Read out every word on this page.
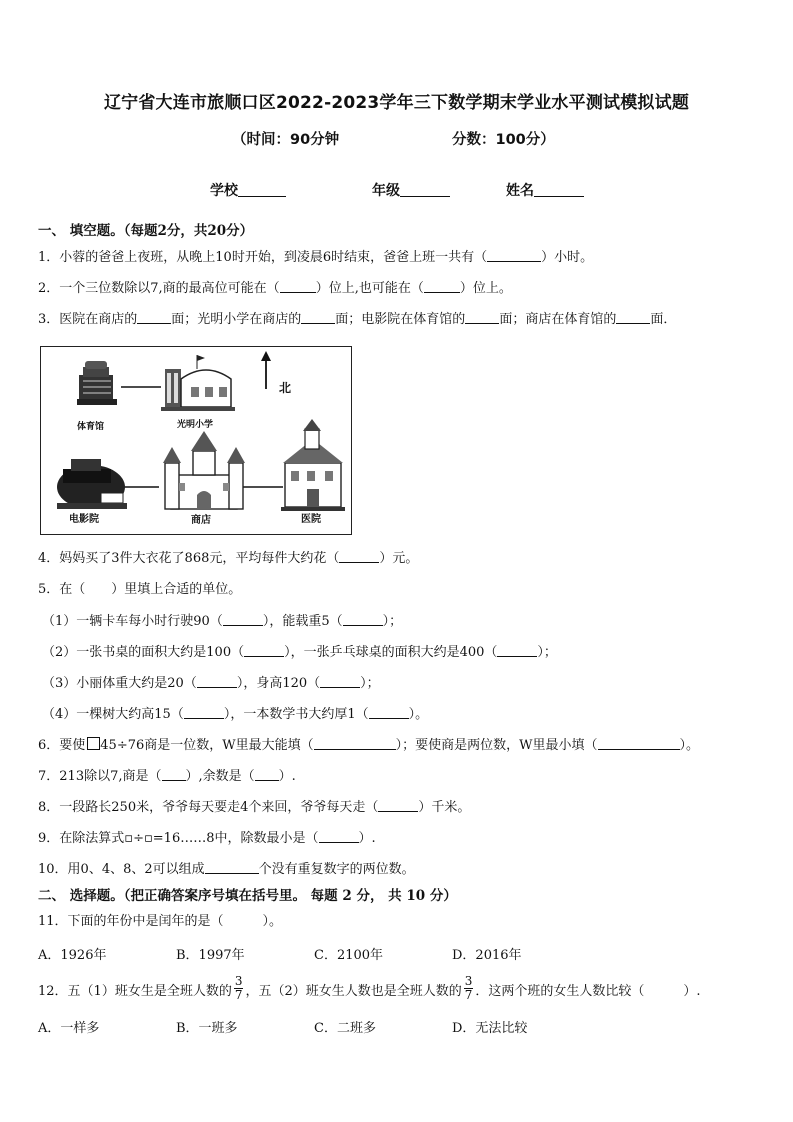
辽宁省大连市旅顺口区2022-2023学年三下数学期末学业水平测试模拟试题
（时间：90分钟	分数：100分）
学校	年级	姓名
一、 填空题。（每题2分，共20分）
1．小蓉的爸爸上夜班，从晚上10时开始，到凌晨6时结束，爸爸上班一共有（	）小时。
2．一个三位数除以7,商的最高位可能在（	）位上,也可能在（	）位上。
3．医院在商店的	面；光明小学在商店的	面；电影院在体育馆的	面；商店在体育馆的	面．
北
体育馆	光明小学
电影院	商店	医院
4．妈妈买了3件大衣花了868元，平均每件大约花（	）元。
5．在（　　）里填上合适的单位。
（1）一辆卡车每小时行驶90（	），能载重5（	）；
（2）一张书桌的面积大约是100（	），一张乒乓球桌的面积大约是400（	）；
（3）小丽体重大约是20（	），身高120（	）；
（4）一棵树大约高15（	），一本数学书大约厚1（	）。
6．要使 45÷76商是一位数，W里最大能填（	）；要使商是两位数，W里最小填（	）。
7．213除以7,商是（ ）,余数是（ ）.
8．一段路长250米，爷爷每天要走4个来回，爷爷每天走（	）千米。
9．在除法算式▫÷▫=16……8中，除数最小是（	）.
10．用0、4、8、2可以组成	个没有重复数字的两位数。
二、 选择题。（把正确答案序号填在括号里。 每题 2 分， 共 10 分）
11．下面的年份中是闰年的是（　　　）。
A．1926年	B．1997年	C．2100年	D．2016年
12．五（1）班女生是全班人数的 $\frac{3}{7}$ ，五（2）班女生人数也是全班人数的 $\frac{3}{7}$ ．这两个班的女生人数比较（　　　）.
A．一样多	B．一班多	C．二班多	D．无法比较
